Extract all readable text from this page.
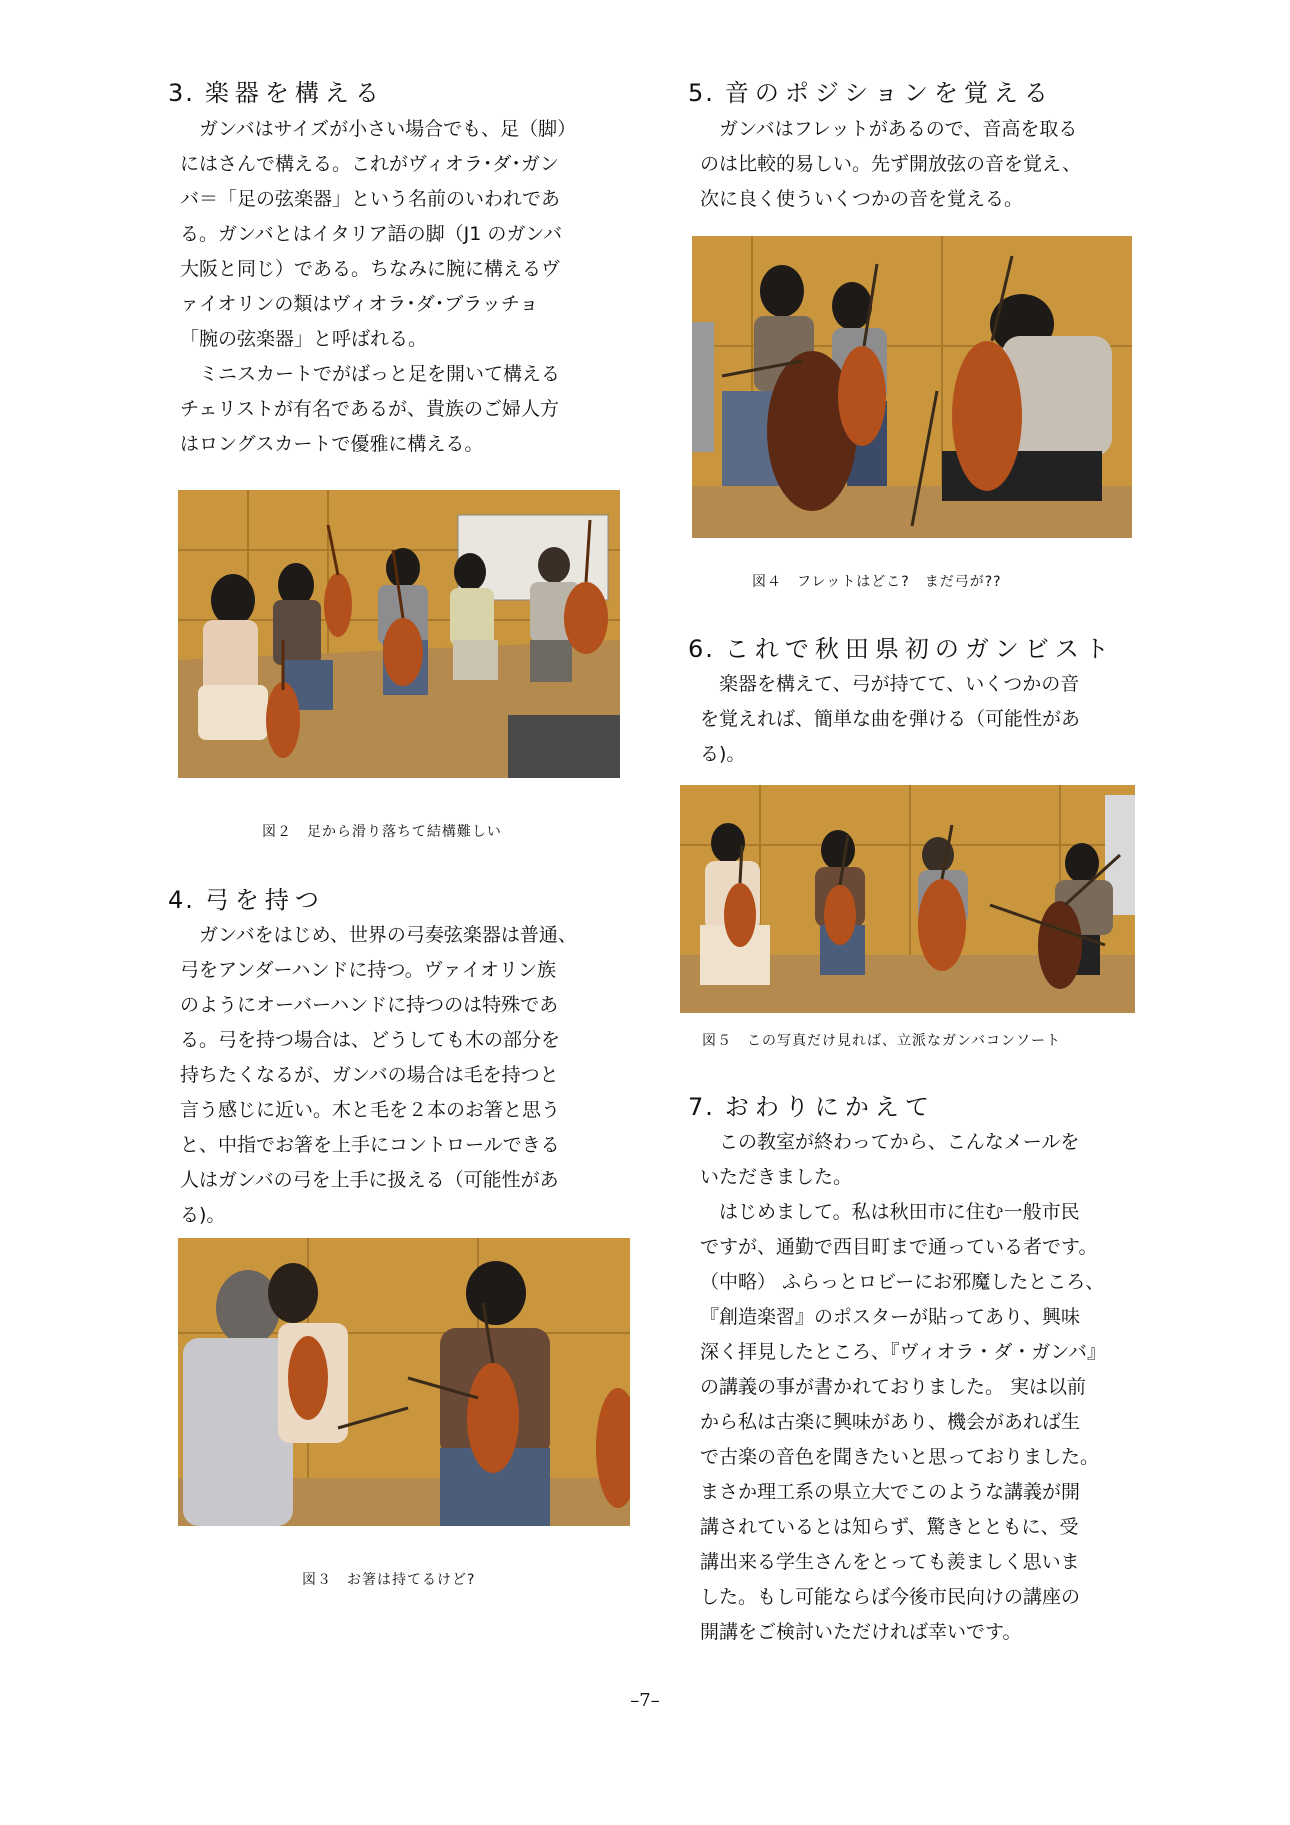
3. 楽器を構える
ガンバはサイズが小さい場合でも、足（脚）
にはさんで構える。これがヴィオラ･ダ･ガン
バ＝「足の弦楽器」という名前のいわれであ
る。ガンバとはイタリア語の脚（J1 のガンバ
大阪と同じ）である。ちなみに腕に構えるヴ
ァイオリンの類はヴィオラ･ダ･ブラッチョ
「腕の弦楽器」と呼ばれる。
ミニスカートでがばっと足を開いて構える
チェリストが有名であるが、貴族のご婦人方
はロングスカートで優雅に構える。
図２　足から滑り落ちて結構難しい
4. 弓を持つ
ガンバをはじめ、世界の弓奏弦楽器は普通、
弓をアンダーハンドに持つ。ヴァイオリン族
のようにオーバーハンドに持つのは特殊であ
る。弓を持つ場合は、どうしても木の部分を
持ちたくなるが、ガンバの場合は毛を持つと
言う感じに近い。木と毛を２本のお箸と思う
と、中指でお箸を上手にコントロールできる
人はガンバの弓を上手に扱える（可能性があ
る)。
図３　お箸は持てるけど?
5. 音のポジションを覚える
ガンバはフレットがあるので、音高を取る
のは比較的易しい。先ず開放弦の音を覚え、
次に良く使ういくつかの音を覚える。
図４　フレットはどこ?　まだ弓が??
6. これで秋田県初のガンビスト
楽器を構えて、弓が持てて、いくつかの音
を覚えれば、簡単な曲を弾ける（可能性があ
る)。
図５　この写真だけ見れば、立派なガンバコンソート
7. おわりにかえて
この教室が終わってから、こんなメールを
いただきました。
はじめまして。私は秋田市に住む一般市民
ですが、通勤で西目町まで通っている者です。
（中略） ふらっとロビーにお邪魔したところ、
『創造楽習』のポスターが貼ってあり、興味
深く拝見したところ、『ヴィオラ・ダ・ガンバ』
の講義の事が書かれておりました。 実は以前
から私は古楽に興味があり、機会があれば生
で古楽の音色を聞きたいと思っておりました。
まさか理工系の県立大でこのような講義が開
講されているとは知らず、驚きとともに、受
講出来る学生さんをとっても羨ましく思いま
した。もし可能ならば今後市民向けの講座の
開講をご検討いただければ幸いです。
–7–
